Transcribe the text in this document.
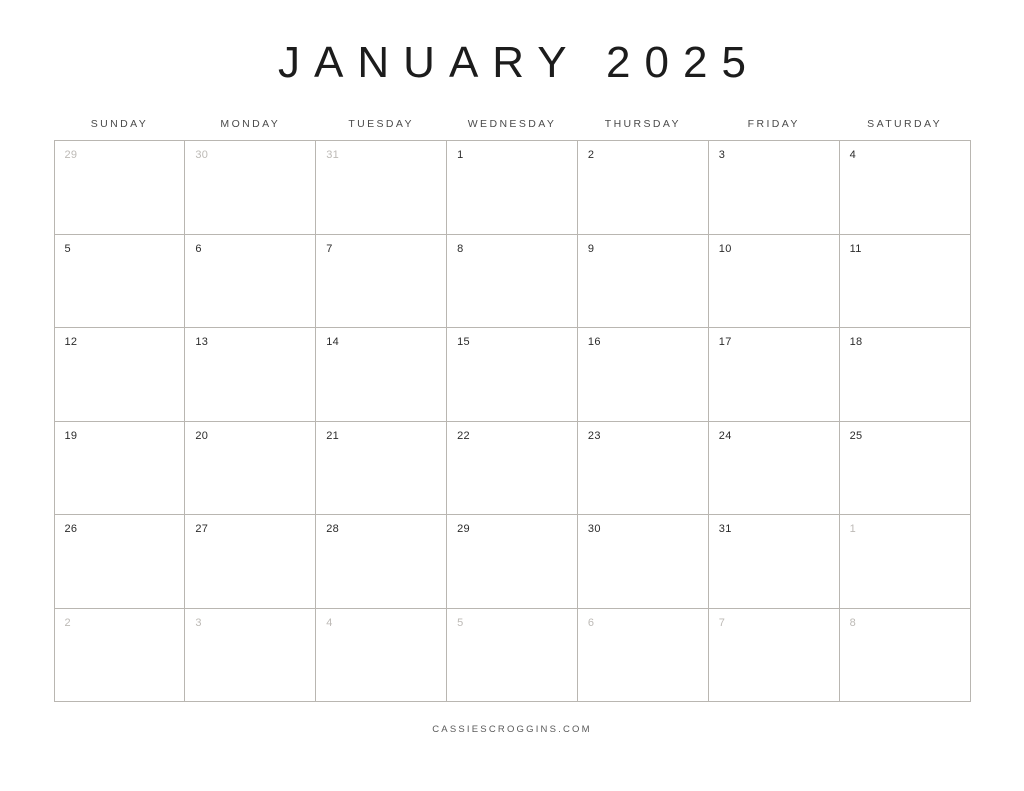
JANUARY 2025
SUNDAY	MONDAY	TUESDAY	WEDNESDAY	THURSDAY	FRIDAY	SATURDAY
29	30	31	1	2	3	4
5	6	7	8	9	10	11
12	13	14	15	16	17	18
19	20	21	22	23	24	25
26	27	28	29	30	31	1
2	3	4	5	6	7	8
CASSIESCROGGINS.COM
